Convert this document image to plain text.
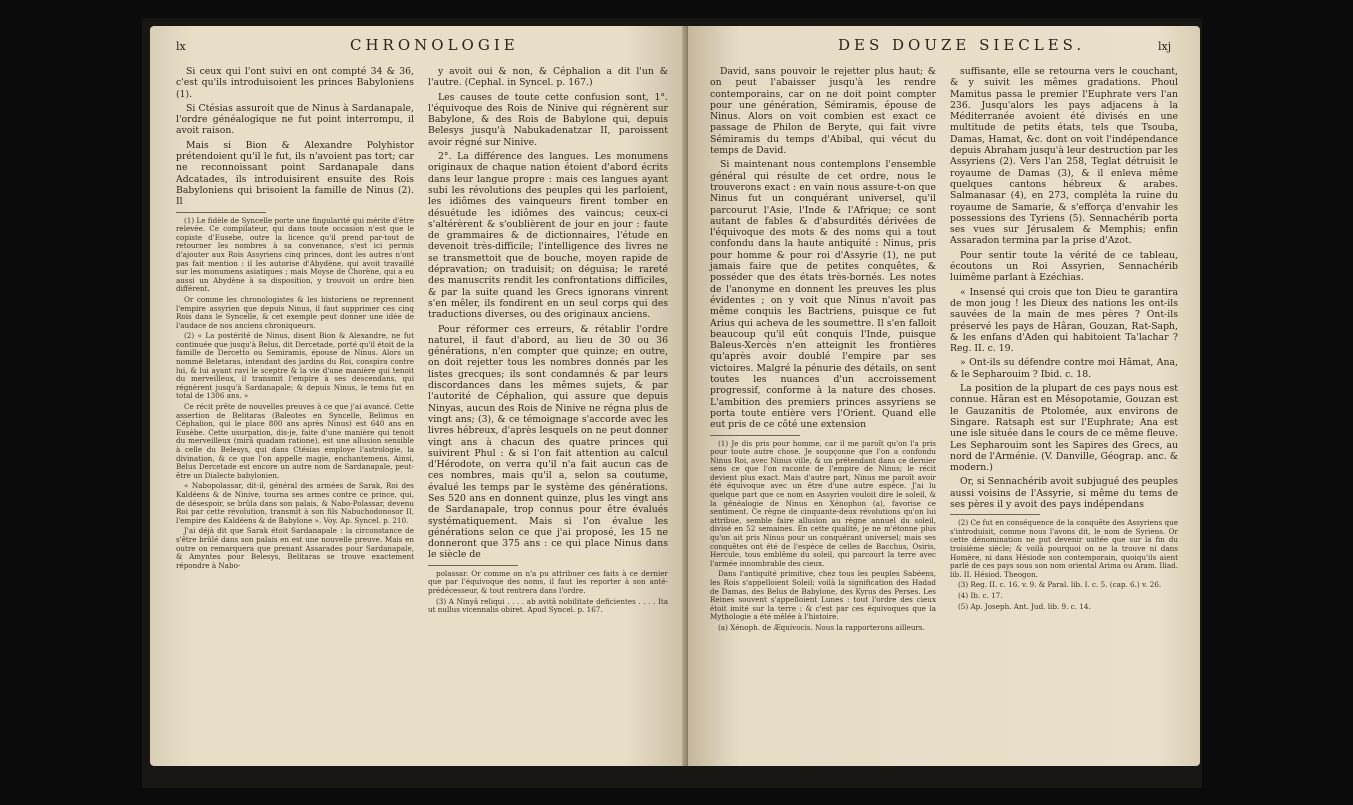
lx	CHRONOLOGIE

Si ceux qui l'ont suivi en ont compté 34 & 36, c'est qu'ils introduisoient les princes Babyloniens (1).

Si Ctésias assuroit que de Ninus à Sardanapale, l'ordre généalogique ne fut point interrompu, il avoit raison.

Mais si Bion & Alexandre Polyhistor prétendoient qu'il le fut, ils n'avoient pas tort; car ne reconnoissant point Sardanapale dans Adcatades, ils introduisirent ensuite des Rois Babyloniens qui brisoient la famille de Ninus (2). Il

(1) Le fidèle de Syncelle porte une fingularité qui mérite d'être relevée. Ce compilateur, qui dans toute occasion n'est que le copiste d'Eusebe, outre la licence qu'il prend par-tout de retourner les nombres à sa convenance, s'est ici permis d'ajouter aux Rois Assyriens cinq princes, dont les autres n'ont pas fait mention : il les autorise d'Abydène, qui avoit travaillé sur les monumens asiatiques ; mais Moyse de Chorène, qui a eu aussi un Abydène à sa disposition, y trouvoit un ordre bien différent.

Or comme les chronologistes & les historiens ne reprennent l'empire assyrien que depuis Ninus, il faut supprimer ces cinq Rois dans le Syncelle, & cet exemple peut donner une idée de l'audace de nos anciens chroniqueurs.

(2) « La postérité de Ninus, disent Bion & Alexandre, ne fut continuée que jusqu'à Belus, dit Dercetade, porté qu'il étoit de la famille de Dercetto ou Semiramis, épouse de Ninus. Alors un nommé Beletaras, intendant des jardins du Roi, conspira contre lui, & lui ayant ravi le sceptre & la vie d'une manière qui tenoit du merveilleux, il transmit l'empire à ses descendans, qui régnèrent jusqu'à Sardanapale; & depuis Ninus, le tems fut en total de 1306 ans. »

Ce récit prête de nouvelles preuves à ce que j'ai avancé. Cette assertion de Belitaras (Baleotes en Syncelle, Belimus en Céphalion, qui le place 800 ans après Ninus) est 640 ans en Eusèbe. Cette usurpation, dis-je, faite d'une manière qui tenoit du merveilleux (mirâ quadam ratione), est une allusion sensible à celle du Belesys, qui dans Ctésias employe l'astrologie, la divination, & ce que l'on appelle magie, enchantemens. Ainsi, Belus Dercetade est encore un autre nom de Sardanapale, peut-être un Dialecte babylonien.

« Nabopolassar, dit-il, général des armées de Sarak, Roi des Kaldéens & de Ninive, tourna ses armes contre ce prince, qui, de désespoir, se brûla dans son palais, & Nabo-Polassar, devenu Roi par cette révolution, transmit à son fils Nabuchodonosor II, l'empire des Kaldéens & de Babylone ». Voy. Ap. Syncel. p. 210.

J'ai déjà dit que Sarak étoit Sardanapale : la circonstance de s'être brûlé dans son palais en est une nouvelle preuve. Mais en outre on remarquera que prenant Assarades pour Sardanapale, & Amyntes pour Belesys, Belitaras se trouve exactement répondre à Nabo-

y avoit oui & non, & Céphalion a dit l'un & l'autre. (Cephal. in Syncel. p. 167.)

Les causes de toute cette confusion sont, 1°. l'équivoque des Rois de Ninive qui régnèrent sur Babylone, & des Rois de Babylone qui, depuis Belesys jusqu'à Nabukadenatzar II, paroissent avoir régné sur Ninive.

2°. La différence des langues. Les monumens originaux de chaque nation étoient d'abord écrits dans leur langue propre : mais ces langues ayant subi les révolutions des peuples qui les parloient, les idiômes des vainqueurs firent tomber en désuétude les idiômes des vaincus; ceux-ci s'altérèrent & s'oublièrent de jour en jour : faute de grammaires & de dictionnaires, l'étude en devenoit très-difficile; l'intelligence des livres ne se transmettoit que de bouche, moyen rapide de dépravation; on traduisit; on déguisa; le rareté des manuscrits rendit les confrontations difficiles, & par la suite quand les Grecs ignorans vinrent s'en mêler, ils fondirent en un seul corps qui des traductions diverses, ou des originaux anciens.

Pour réformer ces erreurs, & rétablir l'ordre naturel, il faut d'abord, au lieu de 30 ou 36 générations, n'en compter que quinze; en outre, on doit rejetter tous les nombres donnés par les listes grecques; ils sont condamnés & par leurs discordances dans les mêmes sujets, & par l'autorité de Céphalion, qui assure que depuis Ninyas, aucun des Rois de Ninive ne régna plus de vingt ans; (3), & ce témoignage s'accorde avec les livres hébreux, d'après lesquels on ne peut donner vingt ans à chacun des quatre princes qui suivirent Phul : & si l'on fait attention au calcul d'Hérodote, on verra qu'il n'a fait aucun cas de ces nombres, mais qu'il a, selon sa coutume, évalué les temps par le système des générations. Ses 520 ans en donnent quinze, plus les vingt ans de Sardanapale, trop connus pour être évalués systématiquement. Mais si l'on évalue les générations selon ce que j'ai proposé, les 15 ne donneront que 375 ans : ce qui place Ninus dans le siècle de

polassar. Or comme on n'a pu attribuer ces faits à ce dernier que par l'équivoque des noms, il faut les reporter à son anté-prédécesseur, & tout rentrera dans l'ordre.

(3) A Ninyâ reliqui . . . . ab avitâ nobilitate deficientes . . . . Ita ut nullus vicennalis obiret. Apud Syncel. p. 167.

DES DOUZE SIECLES.	lxj

David, sans pouvoir le rejetter plus haut; & on peut l'abaisser jusqu'à les rendre contemporains, car on ne doit point compter pour une génération, Sémiramis, épouse de Ninus. Alors on voit combien est exact ce passage de Philon de Beryte, qui fait vivre Sémiramis du temps d'Abibal, qui vécut du temps de David.

Si maintenant nous contemplons l'ensemble général qui résulte de cet ordre, nous le trouverons exact : en vain nous assure-t-on que Ninus fut un conquérant universel, qu'il parcourut l'Asie, l'Inde & l'Afrique; ce sont autant de fables & d'absurdités dérivées de l'équivoque des mots & des noms qui a tout confondu dans la haute antiquité : Ninus, pris pour homme & pour roi d'Assyrie (1), ne put jamais faire que de petites conquêtes, & posséder que des états très-bornés. Les notes de l'anonyme en donnent les preuves les plus évidentes ; on y voit que Ninus n'avoit pas même conquis les Bactriens, puisque ce fut Arius qui acheva de les soumettre. Il s'en falloit beaucoup qu'il eût conquis l'Inde, puisque Baleus-Xercès n'en atteignit les frontières qu'après avoir doublé l'empire par ses victoires. Malgré la pénurie des détails, on sent toutes les nuances d'un accroissement progressif, conforme à la nature des choses. L'ambition des premiers princes assyriens se porta toute entière vers l'Orient. Quand elle eut pris de ce côté une extension

(1) Je dis pris pour homme, car il me paroît qu'on l'a pris pour toute autre chose. Je soupçonne que l'on a confondu Ninus Roi, avec Ninus ville, & un prétendant dans ce dernier sens ce que l'on raconte de l'empire de Ninus; le récit devient plus exact. Mais d'autre part, Ninus me paroît avoir été équivoque avec un être d'une autre espèce. J'ai lu quelque part que ce nom en Assyrien vouloit dire le soleil, & la généalogie de Ninus en Xénophon (a), favorise ce sentiment. Ce règne de cinquante-deux révolutions qu'on lui attribue, semble faire allusion au règne annuel du soleil, divisé en 52 semaines. En cette qualité, je ne m'étonne plus qu'on ait pris Ninus pour un conquérant universel; mais ses conquêtes ont été de l'espèce de celles de Bacchus, Osiris, Hercule, tous emblême du soleil, qui parcourt la terre avec l'armée innombrable des cieux.

Dans l'antiquité primitive, chez tous les peuples Sabéens, les Rois s'appelloient Soleil; voilà la signification des Hadad de Damas, des Belus de Babylone, des Kyrus des Perses. Les Reines souvent s'appelloient Lunes : tout l'ordre des cieux étoit imité sur la terre : & c'est par ces équivoques que la Mythologie a été mêlée à l'histoire.

(a) Xénoph. de Æquivocis. Nous la rapporterons ailleurs.

suffisante, elle se retourna vers le couchant, & y suivit les mêmes gradations. Phoul Mamitus passa le premier l'Euphrate vers l'an 236. Jusqu'alors les pays adjacens à la Méditerranée avoient été divisés en une multitude de petits états, tels que Tsouba, Damas, Hamat, &c. dont on voit l'indépendance depuis Abraham jusqu'à leur destruction par les Assyriens (2). Vers l'an 258, Teglat détruisit le royaume de Damas (3), & il enleva même quelques cantons hébreux & arabes. Salmanasar (4), en 273, compléta la ruine du royaume de Samarie, & s'efforça d'envahir les possessions des Tyriens (5). Sennachérib porta ses vues sur Jérusalem & Memphis; enfin Assaradon termina par la prise d'Azot.

Pour sentir toute la vérité de ce tableau, écoutons un Roi Assyrien, Sennachérib luimême parlant à Ezéchias.

« Insensé qui crois que ton Dieu te garantira de mon joug ! les Dieux des nations les ont-ils sauvées de la main de mes pères ? Ont-ils préservé les pays de Hâran, Gouzan, Rat-Saph, & les enfans d'Aden qui habitoient Ta'lachar ? Reg. II. c. 19.

» Ont-ils su défendre contre moi Hâmat, Ana, & le Sepharouim ? Ibid. c. 18.

La position de la plupart de ces pays nous est connue. Hâran est en Mésopotamie, Gouzan est le Gauzanitis de Ptolomée, aux environs de Singare. Ratsaph est sur l'Euphrate; Ana est une isle située dans le cours de ce même fleuve. Les Sepharouim sont les Sapires des Grecs, au nord de l'Arménie. (V. Danville, Géograp. anc. & modern.)

Or, si Sennachérib avoit subjugué des peuples aussi voisins de l'Assyrie, si même du tems de ses pères il y avoit des pays indépendans

(2) Ce fut en conséquence de la conquête des Assyriens que s'introduisit, comme nous l'avons dit, le nom de Syriens. Or cette dénomination ne put devenir usitée que sur la fin du troisième siècle; & voilà pourquoi on ne la trouve ni dans Homère, ni dans Hésiode son contemporain, quoiqu'ils aient parlé de ces pays sous son nom oriental Arima ou Aram. Iliad. lib. II. Hésiod. Theogon.

(3) Reg. II. c. 16. v. 9. & Paral. lib. I. c. 5. (cap. 6.) v. 26.

(4) Ib. c. 17.

(5) Ap. Joseph. Ant. Jud. lib. 9. c. 14.
